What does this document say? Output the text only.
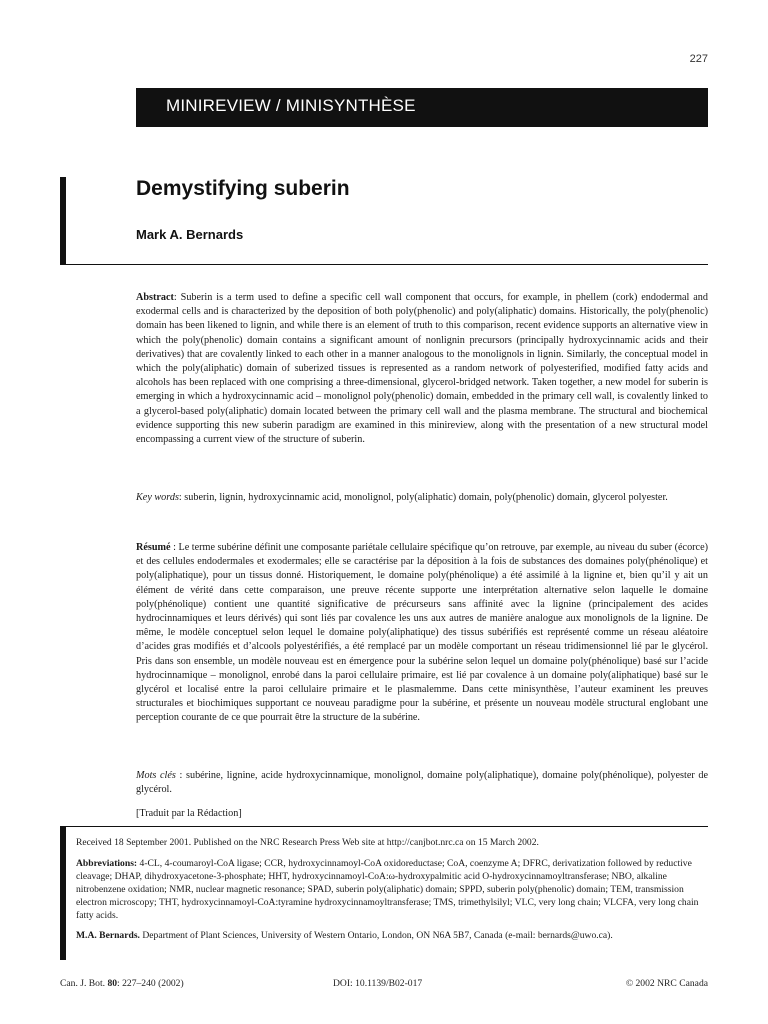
227
MINIREVIEW / MINISYNTHÈSE
Demystifying suberin
Mark A. Bernards

Abstract: Suberin is a term used to define a specific cell wall component that occurs, for example, in phellem (cork) endodermal and exodermal cells and is characterized by the deposition of both poly(phenolic) and poly(aliphatic) domains. Historically, the poly(phenolic) domain has been likened to lignin, and while there is an element of truth to this comparison, recent evidence supports an alternative view in which the poly(phenolic) domain contains a significant amount of nonlignin precursors (principally hydroxycinnamic acids and their derivatives) that are covalently linked to each other in a manner analogous to the monolignols in lignin. Similarly, the conceptual model in which the poly(aliphatic) domain of suberized tissues is represented as a random network of polyesterified, modified fatty acids and alcohols has been replaced with one comprising a three-dimensional, glycerol-bridged network. Taken together, a new model for suberin is emerging in which a hydroxycinnamic acid – monolignol poly(phenolic) domain, embedded in the primary cell wall, is covalently linked to a glycerol-based poly(aliphatic) domain located between the primary cell wall and the plasma membrane. The structural and biochemical evidence supporting this new suberin paradigm are examined in this minireview, along with the presentation of a new structural model encompassing a current view of the structure of suberin.

Key words: suberin, lignin, hydroxycinnamic acid, monolignol, poly(aliphatic) domain, poly(phenolic) domain, glycerol polyester.

Résumé : Le terme subérine définit une composante pariétale cellulaire spécifique qu’on retrouve, par exemple, au niveau du suber (écorce) et des cellules endodermales et exodermales; elle se caractérise par la déposition à la fois de substances des domaines poly(phénolique) et poly(aliphatique), pour un tissus donné. Historiquement, le domaine poly(phénolique) a été assimilé à la lignine et, bien qu’il y ait un élément de vérité dans cette comparaison, une preuve récente supporte une interprétation alternative selon laquelle le domaine poly(phénolique) contient une quantité significative de précurseurs sans affinité avec la lignine (principalement des acides hydrocinnamiques et leurs dérivés) qui sont liés par covalence les uns aux autres de manière analogue aux monolignols de la lignine. De même, le modèle conceptuel selon lequel le domaine poly(aliphatique) des tissus subérifiés est représenté comme un réseau aléatoire d’acides gras modifiés et d’alcools polyestérifiés, a été remplacé par un modèle comportant un réseau tridimensionnel lié par le glycérol. Pris dans son ensemble, un modèle nouveau est en émergence pour la subérine selon lequel un domaine poly(phénolique) basé sur l’acide hydrocinnamique – monolignol, enrobé dans la paroi cellulaire primaire, est lié par covalence à un domaine poly(aliphatique) basé sur le glycérol et localisé entre la paroi cellulaire primaire et le plasmalemme. Dans cette minisynthèse, l’auteur examinent les preuves structurales et biochimiques supportant ce nouveau paradigme pour la subérine, et présente un nouveau modèle structural englobant une perception courante de ce que pourrait être la structure de la subérine.

Mots clés : subérine, lignine, acide hydroxycinnamique, monolignol, domaine poly(aliphatique), domaine poly(phénolique), polyester de glycérol.

[Traduit par la Rédaction]
Received 18 September 2001. Published on the NRC Research Press Web site at http://canjbot.nrc.ca on 15 March 2002.
Abbreviations: 4-CL, 4-coumaroyl-CoA ligase; CCR, hydroxycinnamoyl-CoA oxidoreductase; CoA, coenzyme A; DFRC, derivatization followed by reductive cleavage; DHAP, dihydroxyacetone-3-phosphate; HHT, hydroxycinnamoyl-CoA:ω-hydroxypalmitic acid O-hydroxycinnamoyltransferase; NBO, alkaline nitrobenzene oxidation; NMR, nuclear magnetic resonance; SPAD, suberin poly(aliphatic) domain; SPPD, suberin poly(phenolic) domain; TEM, transmission electron microscopy; THT, hydroxycinnamoyl-CoA:tyramine hydroxycinnamoyltransferase; TMS, trimethylsilyl; VLC, very long chain; VLCFA, very long chain fatty acids.
M.A. Bernards. Department of Plant Sciences, University of Western Ontario, London, ON N6A 5B7, Canada (e-mail: bernards@uwo.ca).
Can. J. Bot. 80: 227–240 (2002)	DOI: 10.1139/B02-017	© 2002 NRC Canada
